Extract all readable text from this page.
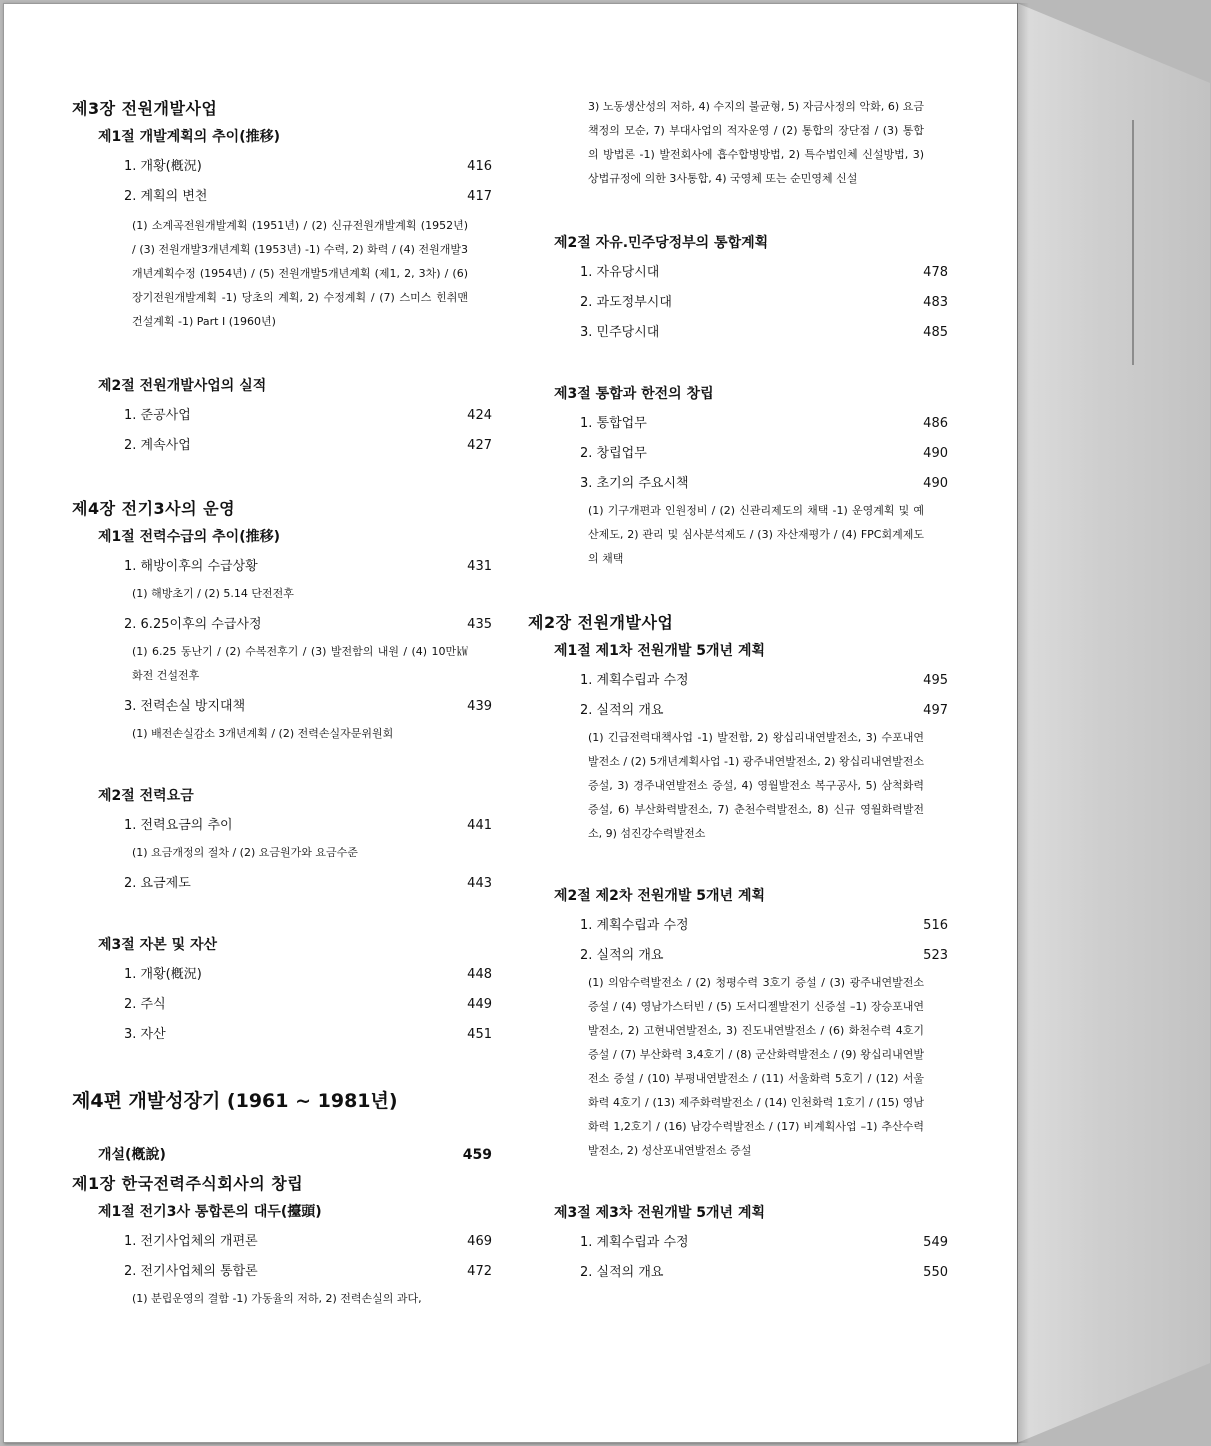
제3장 전원개발사업
제1절 개발계획의 추이(推移)
1. 개황(槪況)	416
2. 계획의 변천	417

(1) 소계곡전원개발계획 (1951년) / (2) 신규전원개발계획 (1952년) / (3) 전원개발3개년계획 (1953년) -1) 수력, 2) 화력 / (4) 전원개발3개년계획수정 (1954년) / (5) 전원개발5개년계획 (제1, 2, 3차) / (6) 장기전원개발계획 -1) 당초의 계획, 2) 수정계획 / (7) 스미스 힌취맨 건설계획 -1) Part Ⅰ (1960년)

제2절 전원개발사업의 실적
1. 준공사업	424
2. 계속사업	427
제4장 전기3사의 운영
제1절 전력수급의 추이(推移)
1. 해방이후의 수급상황	431

(1) 해방초기 / (2) 5.14 단전전후

2. 6.25이후의 수급사정	435

(1) 6.25 동난기 / (2) 수복전후기 / (3) 발전함의 내원 / (4) 10만㎾ 화전 건설전후

3. 전력손실 방지대책	439

(1) 배전손실감소 3개년계획 / (2) 전력손실자문위원회

제2절 전력요금
1. 전력요금의 추이	441

(1) 요금개정의 절차 / (2) 요금원가와 요금수준

2. 요금제도	443
제3절 자본 및 자산
1. 개황(槪況)	448
2. 주식	449
3. 자산	451
제4편 개발성장기 (1961 ~ 1981년)
개설(槪說)	459
제1장 한국전력주식회사의 창립
제1절 전기3사 통합론의 대두(擡頭)
1. 전기사업체의 개편론	469
2. 전기사업체의 통합론	472

(1) 분립운영의 결함 -1) 가동율의 저하, 2) 전력손실의 과다,

3) 노동생산성의 저하, 4) 수지의 불균형, 5) 자금사정의 악화, 6) 요금책정의 모순, 7) 부대사업의 적자운영 / (2) 통합의 장단점 / (3) 통합의 방법론 -1) 발전회사에 흡수합병방법, 2) 특수법인체 신설방법, 3) 상법규정에 의한 3사통합, 4) 국영체 또는 순민영체 신설

제2절 자유.민주당정부의 통합계획
1. 자유당시대	478
2. 과도정부시대	483
3. 민주당시대	485
제3절 통합과 한전의 창립
1. 통합업무	486
2. 창립업무	490
3. 초기의 주요시책	490

(1) 기구개편과 인원정비 / (2) 신관리제도의 채택 -1) 운영계획 및 예산제도, 2) 관리 및 심사분석제도 / (3) 자산재평가 / (4) FPC회계제도의 채택

제2장 전원개발사업
제1절 제1차 전원개발 5개년 계획
1. 계획수립과 수정	495
2. 실적의 개요	497

(1) 긴급전력대책사업 -1) 발전함, 2) 왕십리내연발전소, 3) 수포내연발전소 / (2) 5개년계획사업 -1) 광주내연발전소, 2) 왕십리내연발전소 증설, 3) 경주내연발전소 증설, 4) 영월발전소 복구공사, 5) 삼척화력 증설, 6) 부산화력발전소, 7) 춘천수력발전소, 8) 신규 영월화력발전소, 9) 섬진강수력발전소

제2절 제2차 전원개발 5개년 계획
1. 계획수립과 수정	516
2. 실적의 개요	523

(1) 의암수력발전소 / (2) 청평수력 3호기 증설 / (3) 광주내연발전소 증설 / (4) 영남가스터빈 / (5) 도서디젤발전기 신증설 –1) 장승포내연발전소, 2) 고현내연발전소, 3) 진도내연발전소 / (6) 화천수력 4호기 증설 / (7) 부산화력 3,4호기 / (8) 군산화력발전소 / (9) 왕십리내연발전소 증설 / (10) 부평내연발전소 / (11) 서울화력 5호기 / (12) 서울화력 4호기 / (13) 제주화력발전소 / (14) 인천화력 1호기 / (15) 영남화력 1,2호기 / (16) 남강수력발전소 / (17) 비계획사업 –1) 추산수력발전소, 2) 성산포내연발전소 증설

제3절 제3차 전원개발 5개년 계획
1. 계획수립과 수정	549
2. 실적의 개요	550
